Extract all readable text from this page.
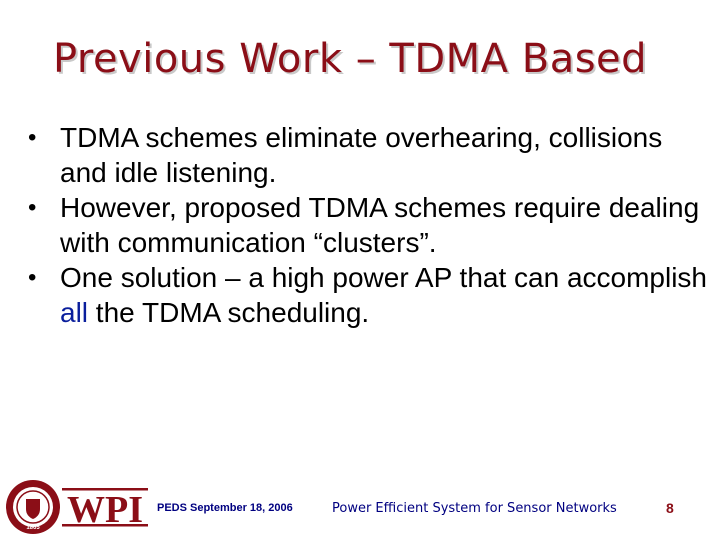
Previous Work – TDMA Based
• TDMA schemes eliminate overhearing, collisions and idle listening.
• However, proposed TDMA schemes require dealing with communication “clusters”.
• One solution – a high power AP that can accomplish all the TDMA scheduling.
1865 WPI PEDS September 18, 2006	Power Efficient System for Sensor Networks	8
